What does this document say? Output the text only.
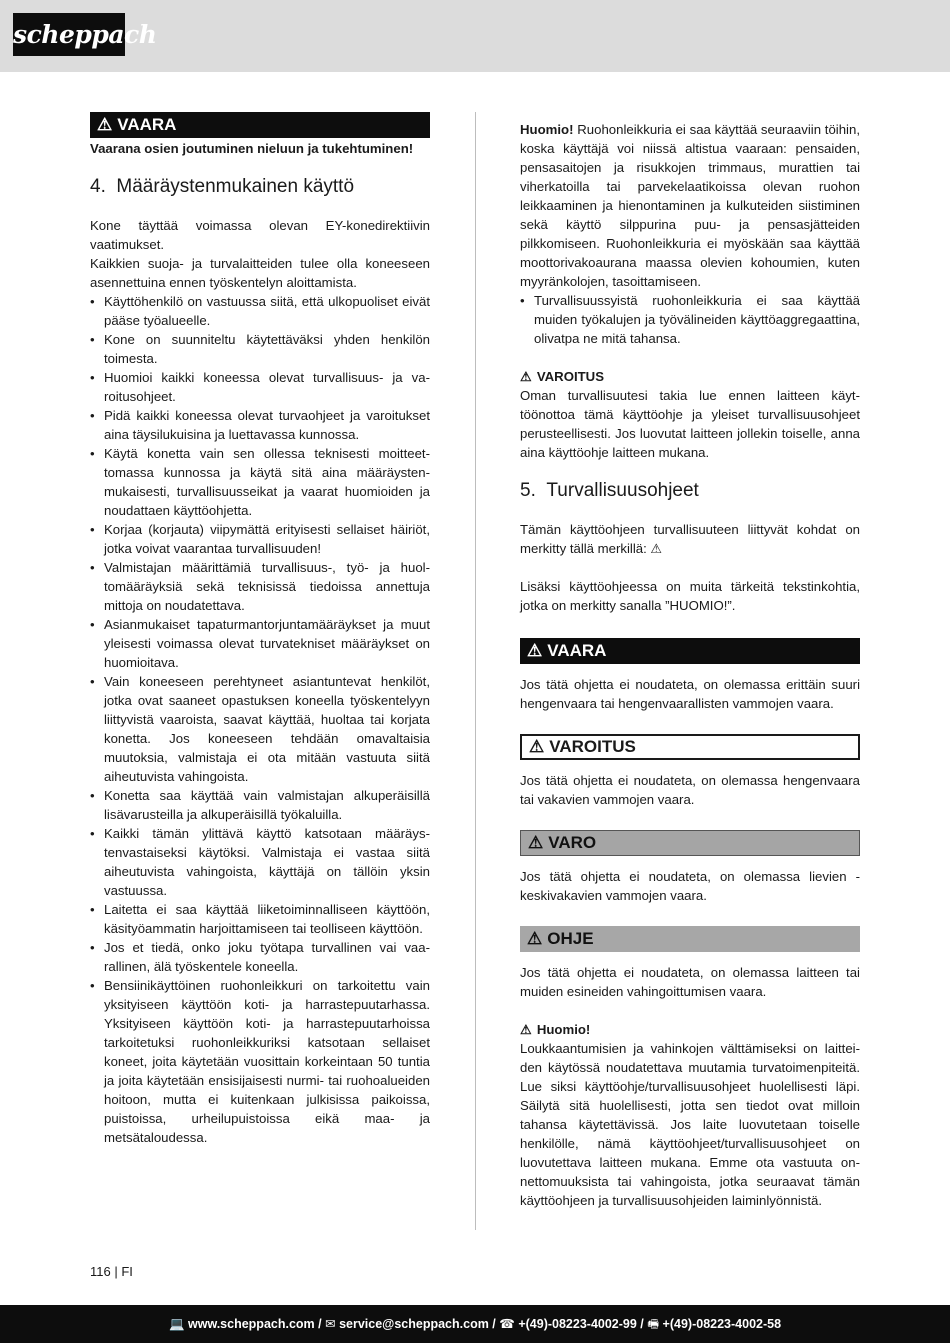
scheppach
⚠ VAARA

Vaarana osien joutuminen nieluun ja tukehtuminen!

4.  Määräystenmukainen käyttö

Kone täyttää voimassa olevan EY-konedirektiivin vaatimukset.

Kaikkien suoja- ja turvalaitteiden tulee olla koneeseen asennettuina ennen työskentelyn aloittamista.

• Käyttöhenkilö on vastuussa siitä, että ulkopuoliset eivät pääse työalueelle.
• Kone on suunniteltu käytettäväksi yhden henkilön toimesta.
• Huomioi kaikki koneessa olevat turvallisuus- ja varoitusohjeet.
• Pidä kaikki koneessa olevat turvaohjeet ja varoitukset aina täysilukuisina ja luettavassa kunnossa.
• Käytä konetta vain sen ollessa teknisesti moitteettomassa kunnossa ja käytä sitä aina määräystenmukaisesti, turvallisuusseikat ja vaarat huomioiden ja noudattaen käyttöohjetta.
• Korjaa (korjauta) viipymättä erityisesti sellaiset häiriöt, jotka voivat vaarantaa turvallisuuden!
• Valmistajan määrittämiä turvallisuus-, työ- ja huoltomääräyksiä sekä teknisissä tiedoissa annettuja mittoja on noudatettava.
• Asianmukaiset tapaturmantorjuntamääräykset ja muut yleisesti voimassa olevat turvatekniset määräykset on huomioitava.
• Vain koneeseen perehtyneet asiantuntevat henkilöt, jotka ovat saaneet opastuksen koneella työskentelyyn liittyvistä vaaroista, saavat käyttää, huoltaa tai korjata konetta. Jos koneeseen tehdään omavaltaisia muutoksia, valmistaja ei ota mitään vastuuta siitä aiheutuvista vahingoista.
• Konetta saa käyttää vain valmistajan alkuperäisillä lisävarusteilla ja alkuperäisillä työkaluilla.
• Kaikki tämän ylittävä käyttö katsotaan määräystenvastaiseksi käytöksi. Valmistaja ei vastaa siitä aiheutuvista vahingoista, käyttäjä on tällöin yksin vastuussa.
• Laitetta ei saa käyttää liiketoiminnalliseen käyttöön, käsityöammatin harjoittamiseen tai teolliseen käyttöön.
• Jos et tiedä, onko joku työtapa turvallinen vai vaarallinen, älä työskentele koneella.
• Bensiinikäyttöinen ruohonleikkuri on tarkoitettu vain yksityiseen käyttöön koti- ja harrastepuutarhassa. Yksityiseen käyttöön koti- ja harrastepuutarhoissa tarkoitetuksi ruohonleikkuriksi katsotaan sellaiset koneet, joita käytetään vuosittain korkeintaan 50 tuntia ja joita käytetään ensisijaisesti nurmi- tai ruohoalueiden hoitoon, mutta ei kuitenkaan julkisissa paikoissa, puistoissa, urheilupuistoissa eikä maa- ja metsätaloudessa.

Huomio! Ruohonleikkuria ei saa käyttää seuraaviin töihin, koska käyttäjä voi niissä altistua vaaraan: pensaiden, pensasaitojen ja risukkojen trimmaus, murattien tai viherkatoilla tai parvekelaatikoissa olevan ruohon leikkaaminen ja hienontaminen ja kulkuteiden siistiminen sekä käyttö silppurina puu- ja pensasjätteiden pilkkomiseen. Ruohonleikkuria ei myöskään saa käyttää moottorivakoaurana maassa olevien kohoumien, kuten myyränkolojen, tasoittamiseen.

• Turvallisuussyistä ruohonleikkuria ei saa käyttää muiden työkalujen ja työvälineiden käyttöaggregaattina, olivatpa ne mitä tahansa.
⚠ VAROITUS

Oman turvallisuutesi takia lue ennen laitteen käyttöönottoa tämä käyttöohje ja yleiset turvallisuusohjeet perusteellisesti. Jos luovutat laitteen jollekin toiselle, anna aina käyttöohje laitteen mukana.

5.  Turvallisuusohjeet

Tämän käyttöohjeen turvallisuuteen liittyvät kohdat on merkitty tällä merkillä: ⚠

Lisäksi käyttöohjeessa on muita tärkeitä tekstinkohtia, jotka on merkitty sanalla ”HUOMIO!”.

⚠ VAARA

Jos tätä ohjetta ei noudateta, on olemassa erittäin suuri hengenvaara tai hengenvaarallisten vammojen vaara.

⚠ VAROITUS

Jos tätä ohjetta ei noudateta, on olemassa hengenvaara tai vakavien vammojen vaara.

⚠ VARO

Jos tätä ohjetta ei noudateta, on olemassa lievien - keskivakavien vammojen vaara.

⚠ OHJE

Jos tätä ohjetta ei noudateta, on olemassa laitteen tai muiden esineiden vahingoittumisen vaara.

⚠ Huomio!

Loukkaantumisien ja vahinkojen välttämiseksi on laitteiden käytössä noudatettava muutamia turvatoimenpiteitä. Lue siksi käyttöohje/turvallisuusohjeet huolellisesti läpi. Säilytä sitä huolellisesti, jotta sen tiedot ovat milloin tahansa käytettävissä. Jos laite luovutetaan toiselle henkilölle, nämä käyttöohjeet/turvallisuusohjeet on luovutettava laitteen mukana. Emme ota vastuuta onnettomuuksista tai vahingoista, jotka seuraavat tämän käyttöohjeen ja turvallisuusohjeiden laiminlyönnistä.

116 | FI
💻 www.scheppach.com / ✉ service@scheppach.com / ☎ +(49)-08223-4002-99 / 🖷 +(49)-08223-4002-58
